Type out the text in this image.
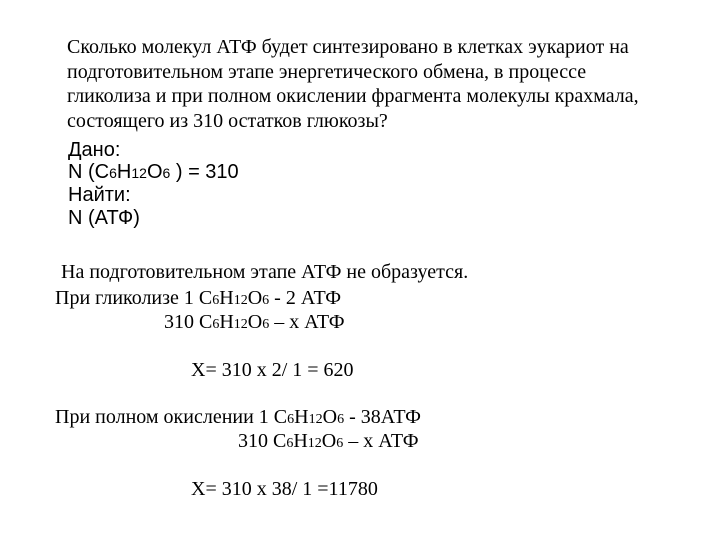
Сколько молекул АТФ будет синтезировано в клетках эукариот на
подготовительном этапе энергетического обмена, в процессе
гликолиза и при полном окислении фрагмента молекулы крахмала,
состоящего из 310 остатков глюкозы?
Дано:
N (C6H12O6 ) = 310
Найти:
N (АТФ)
На подготовительном этапе АТФ не образуется.
При гликолизе 1 C6H12O6 - 2 АТФ
310 C6H12O6 – х АТФ
Х= 310 х 2/ 1 = 620
При полном окислении 1 C6H12O6 - 38АТФ
310 C6H12O6 – х АТФ
Х= 310 х 38/ 1 =11780
